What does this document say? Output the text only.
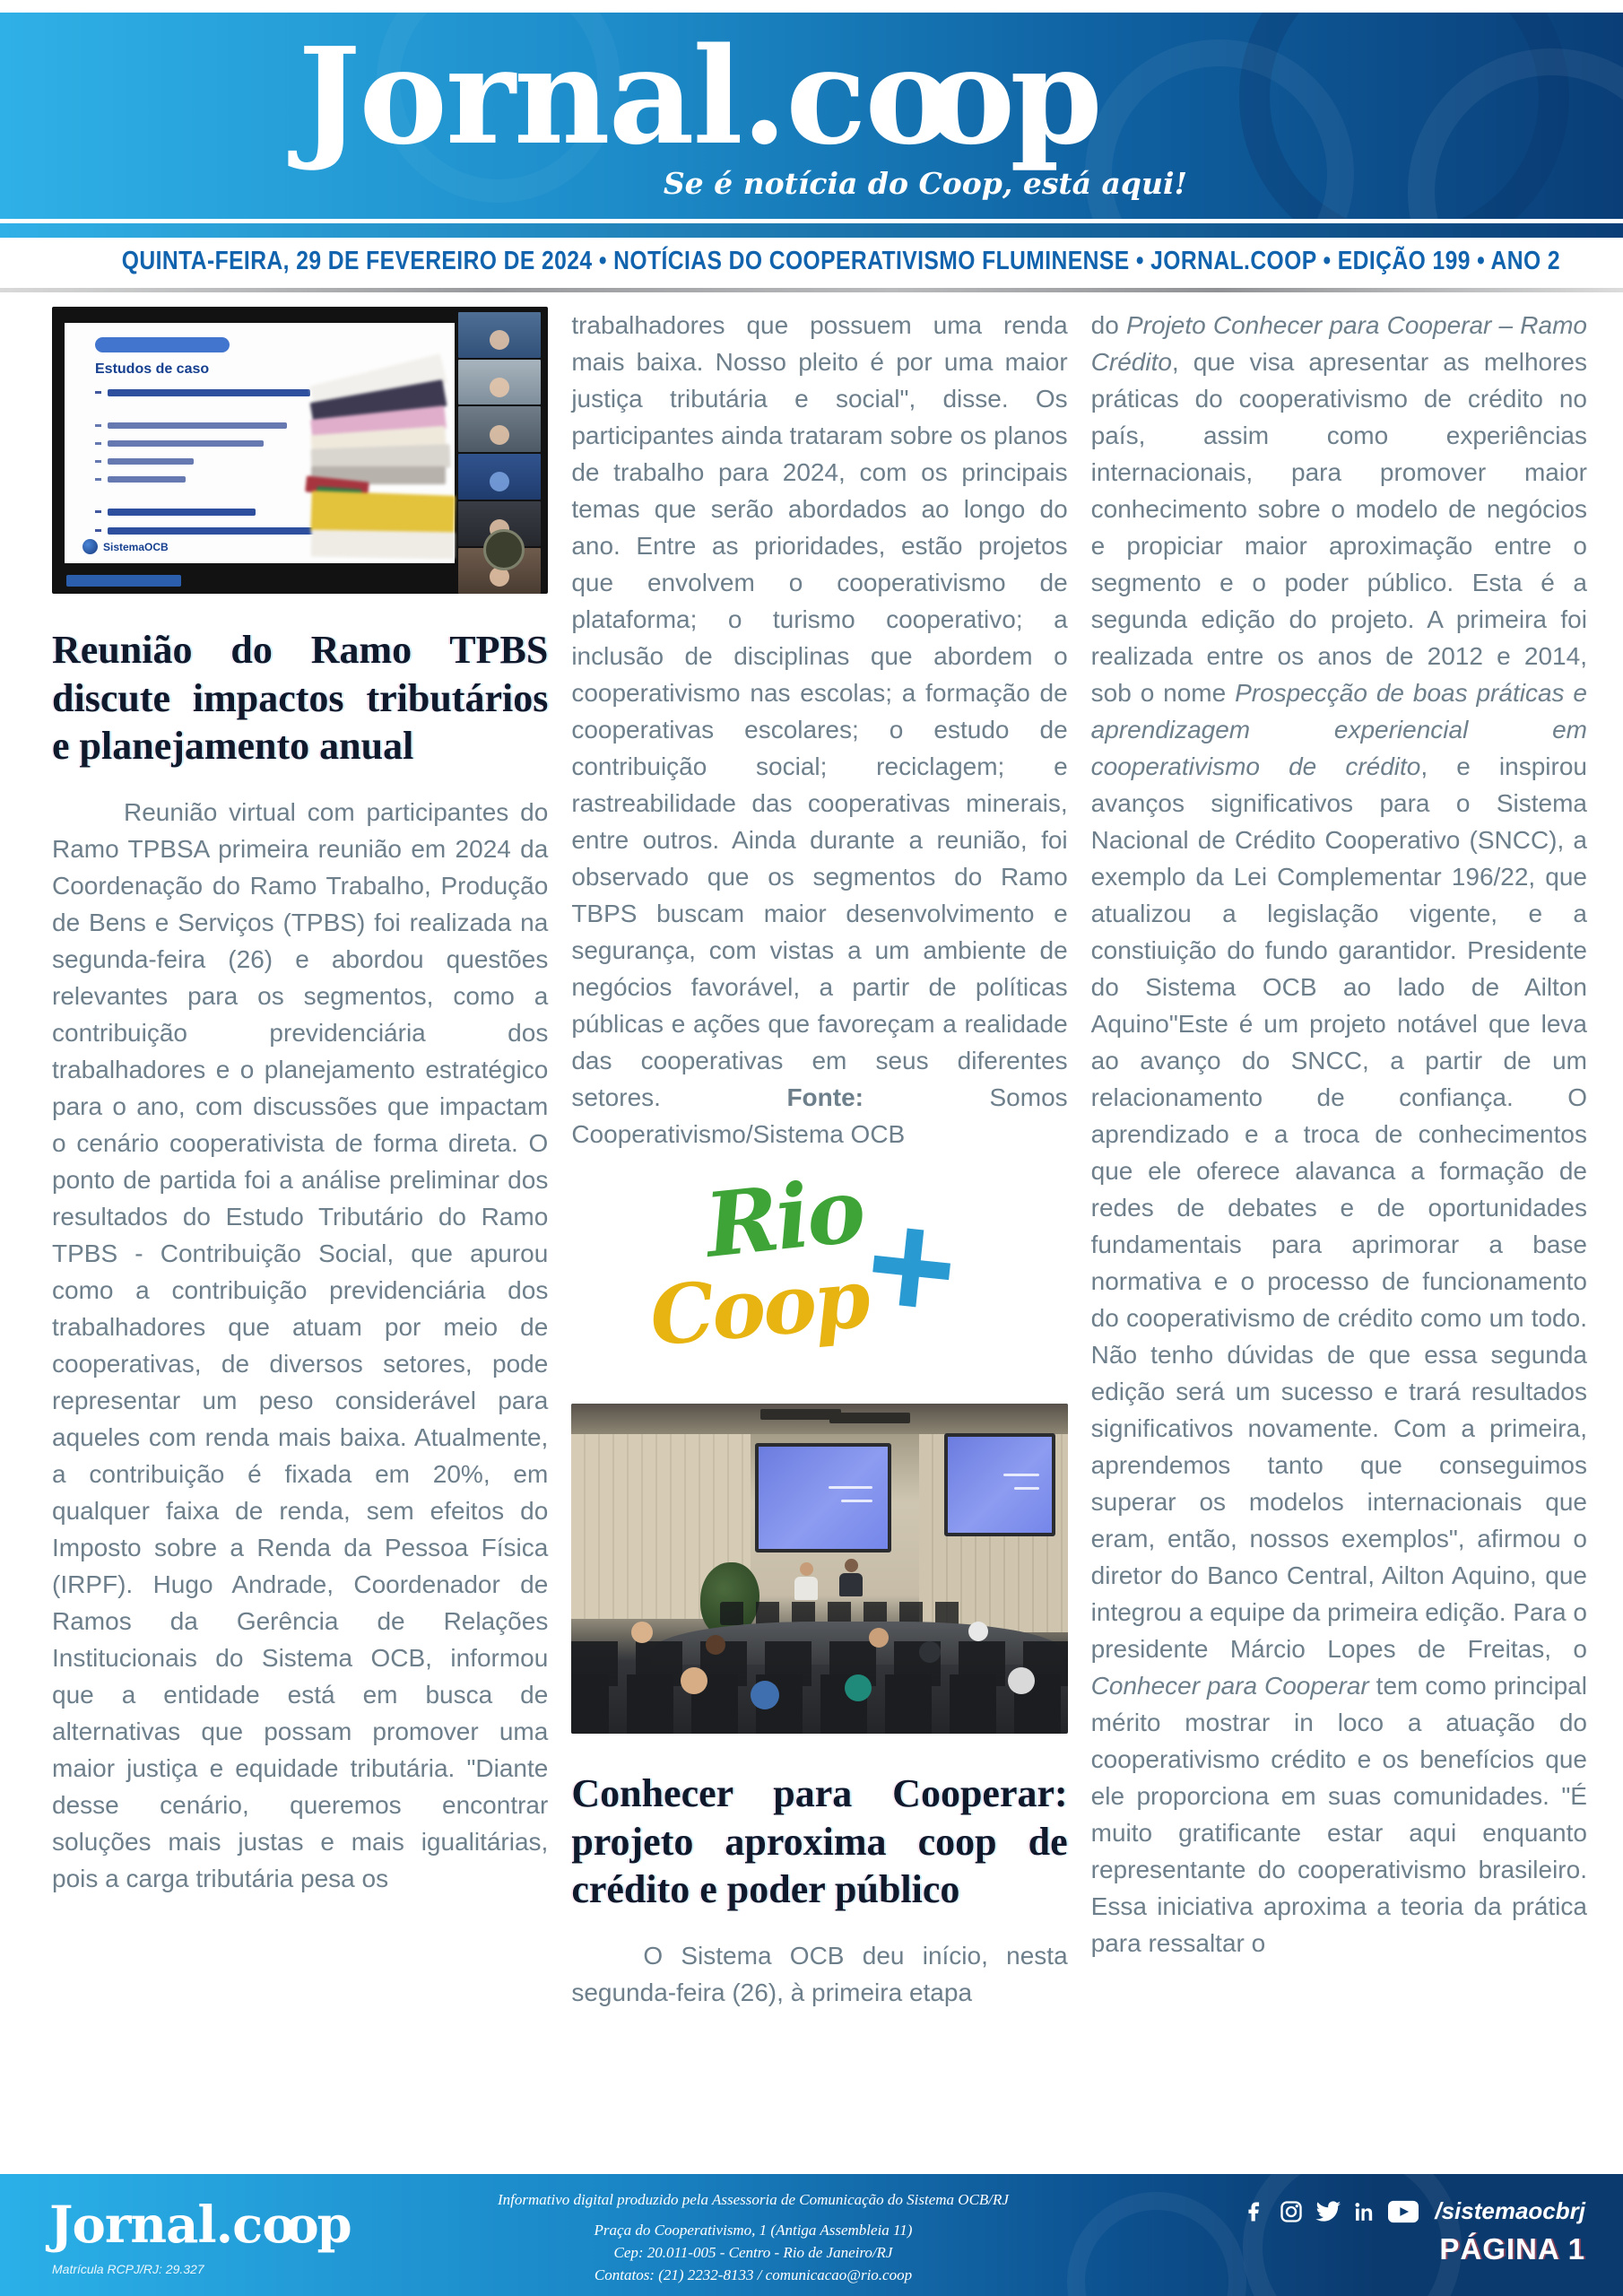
Jornal.coo p
Se é notícia do Coop, está aqui!
QUINTA-FEIRA, 29 DE FEVEREIRO DE 2024 • NOTÍCIAS DO COOPERATIVISMO FLUMINENSE • JORNAL.COOP • EDIÇÃO 199 • ANO 2
Estudos de caso
SistemaOCB
Reunião do Ramo TPBS discute impactos tributários e planejamento anual
Reunião virtual com participantes do Ramo TPBSA primeira reunião em 2024 da Coordenação do Ramo Trabalho, Produção de Bens e Serviços (TPBS) foi realizada na segunda-feira (26) e abordou questões relevantes para os segmentos, como a contribuição previdenciária dos trabalhadores e o planejamento estratégico para o ano, com discussões que impactam o cenário cooperativista de forma direta. O ponto de partida foi a análise preliminar dos resultados do Estudo Tributário do Ramo TPBS - Contribuição Social, que apurou como a contribuição previdenciária dos trabalhadores que atuam por meio de cooperativas, de diversos setores, pode representar um peso considerável para aqueles com renda mais baixa. Atualmente, a contribuição é fixada em 20%, em qualquer faixa de renda, sem efeitos do Imposto sobre a Renda da Pessoa Física (IRPF). Hugo Andrade, Coordenador de Ramos da Gerência de Relações Institucionais do Sistema OCB, informou que a entidade está em busca de alternativas que possam promover uma maior justiça e equidade tributária. "Diante desse cenário, queremos encontrar soluções mais justas e mais igualitárias, pois a carga tributária pesa os
trabalhadores que possuem uma renda mais baixa. Nosso pleito é por uma maior justiça tributária e social", disse. Os participantes ainda trataram sobre os planos de trabalho para 2024, com os principais temas que serão abordados ao longo do ano. Entre as prioridades, estão projetos que envolvem o cooperativismo de plataforma; o turismo cooperativo; a inclusão de disciplinas que abordem o cooperativismo nas escolas; a formação de cooperativas escolares; o estudo de contribuição social; reciclagem; e rastreabilidade das cooperativas minerais, entre outros. Ainda durante a reunião, foi observado que os segmentos do Ramo TBPS buscam maior desenvolvimento e segurança, com vistas a um ambiente de negócios favorável, a partir de políticas públicas e ações que favoreçam a realidade das cooperativas em seus diferentes setores. Fonte: Somos Cooperativismo/Sistema OCB
Rio
Coop
+
Conhecer para Cooperar: projeto aproxima coop de crédito e poder público
O Sistema OCB deu início, nesta segunda-feira (26), à primeira etapa
do Projeto Conhecer para Cooperar – Ramo Crédito, que visa apresentar as melhores práticas do cooperativismo de crédito no país, assim como experiências internacionais, para promover maior conhecimento sobre o modelo de negócios e propiciar maior aproximação entre o segmento e o poder público. Esta é a segunda edição do projeto. A primeira foi realizada entre os anos de 2012 e 2014, sob o nome Prospecção de boas práticas e aprendizagem experiencial em cooperativismo de crédito, e inspirou avanços significativos para o Sistema Nacional de Crédito Cooperativo (SNCC), a exemplo da Lei Complementar 196/22, que atualizou a legislação vigente, e a constiuição do fundo garantidor. Presidente do Sistema OCB ao lado de Ailton Aquino"Este é um projeto notável que leva ao avanço do SNCC, a partir de um relacionamento de confiança. O aprendizado e a troca de conhecimentos que ele oferece alavanca a formação de redes de debates e de oportunidades fundamentais para aprimorar a base normativa e o processo de funcionamento do cooperativismo de crédito como um todo. Não tenho dúvidas de que essa segunda edição será um sucesso e trará resultados significativos novamente. Com a primeira, aprendemos tanto que conseguimos superar os modelos internacionais que eram, então, nossos exemplos", afirmou o diretor do Banco Central, Ailton Aquino, que integrou a equipe da primeira edição. Para o presidente Márcio Lopes de Freitas, o Conhecer para Cooperar tem como principal mérito mostrar in loco a atuação do cooperativismo crédito e os benefícios que ele proporciona em suas comunidades. "É muito gratificante estar aqui enquanto representante do cooperativismo brasileiro. Essa iniciativa aproxima a teoria da prática para ressaltar o
Jornal.coo p
Matrícula RCPJ/RJ: 29.327
Informativo digital produzido pela Assessoria de Comunicação do Sistema OCB/RJ
Praça do Cooperativismo, 1 (Antiga Assembleia 11)
Cep: 20.011-005 - Centro - Rio de Janeiro/RJ
Contatos: (21) 2232-8133 / comunicacao@rio.coop
/sistemaocbrj
PÁGINA 1
